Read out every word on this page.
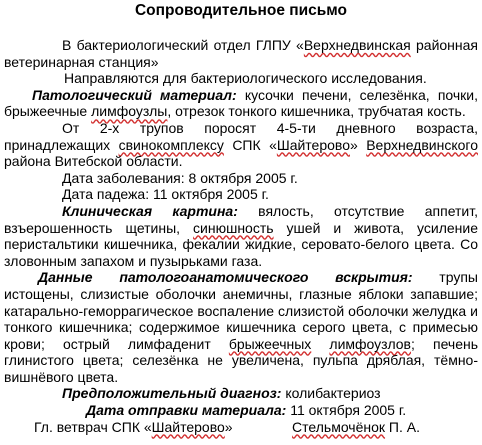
Сопроводительное письмо

В бактериологический отдел ГЛПУ «Верхнедвинская районная ветеринарная станция»

Направляются для бактериологического исследования.

Патологический материал: кусочки печени, селезёнка, почки, брыжеечные лимфоузлы, отрезок тонкого кишечника, трубчатая кость.

От 2-х трупов поросят 4-5-ти дневного возраста, принадлежащих свинокомплексу СПК «Шайтерово» Верхнедвинского района Витебской области.

Дата заболевания: 8 октября 2005 г.

Дата падежа: 11 октября 2005 г.

Клиническая картина: вялость, отсутствие аппетит, взъерошенность щетины, синюшность ушей и живота, усиление перистальтики кишечника, фекалии жидкие, серовато-белого цвета. Со зловонным запахом и пузырьками газа.

Данные патологоанатомического вскрытия: трупы истощены, слизистые оболочки анемичны, глазные яблоки запавшие; катарально-геморрагическое воспаление слизистой оболочки желудка и тонкого кишечника; содержимое кишечника серого цвета, с примесью крови; острый лимфаденит брыжеечных лимфоузлов; печень глинистого цвета; селезёнка не увеличена, пульпа дряблая, тёмно-вишнёвого цвета.

Предположительный диагноз: колибактериоз

Дата отправки материала: 11 октября 2005 г.

Гл. ветврач СПК «Шайтерово»	Стельмочёнок П. А.
